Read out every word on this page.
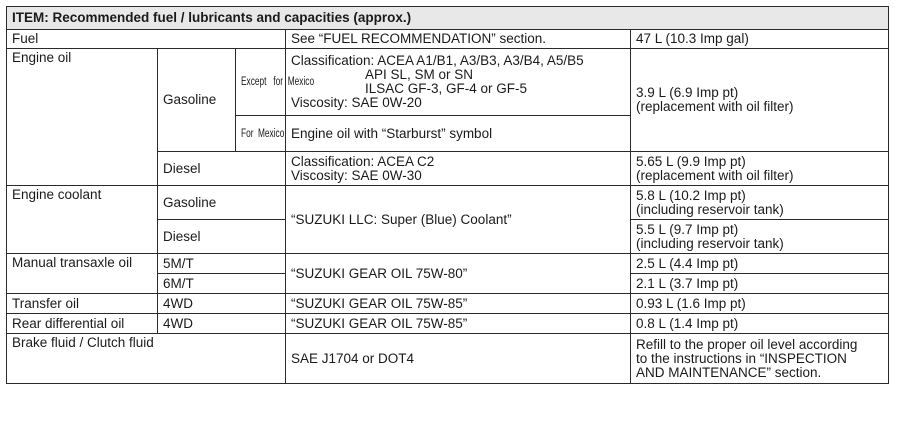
ITEM: Recommended fuel / lubricants and capacities (approx.)				
Fuel			See “FUEL RECOMMENDATION” section.	47 L (10.3 Imp gal)
Engine oil	Gasoline	Except for Mexico	Classification: ACEA A1/B1, A3/B3, A3/B4, A5/B5
API SL, SM or SN
ILSAC GF-3, GF-4 or GF-5
Viscosity: SAE 0W-20	3.9 L (6.9 Imp pt)
(replacement with oil filter)

		For Mexico	Engine oil with “Starburst” symbol	
	Diesel		Classification: ACEA C2
Viscosity: SAE 0W-30	5.65 L (9.9 Imp pt)
(replacement with oil filter)

Engine coolant	Gasoline		“SUZUKI LLC: Super (Blue) Coolant”	5.8 L (10.2 Imp pt)
(including reservoir tank)

	Diesel			5.5 L (9.7 Imp pt)
(including reservoir tank)

Manual transaxle oil	5M/T		“SUZUKI GEAR OIL 75W-80”	2.5 L (4.4 Imp pt)
	6M/T			2.1 L (3.7 Imp pt)
Transfer oil	4WD		“SUZUKI GEAR OIL 75W-85”	0.93 L (1.6 Imp pt)
Rear differential oil	4WD		“SUZUKI GEAR OIL 75W-85”	0.8 L (1.4 Imp pt)
Brake fluid / Clutch fluid			SAE J1704 or DOT4	Refill to the proper oil level according
to the instructions in “INSPECTION
AND MAINTENANCE” section.
